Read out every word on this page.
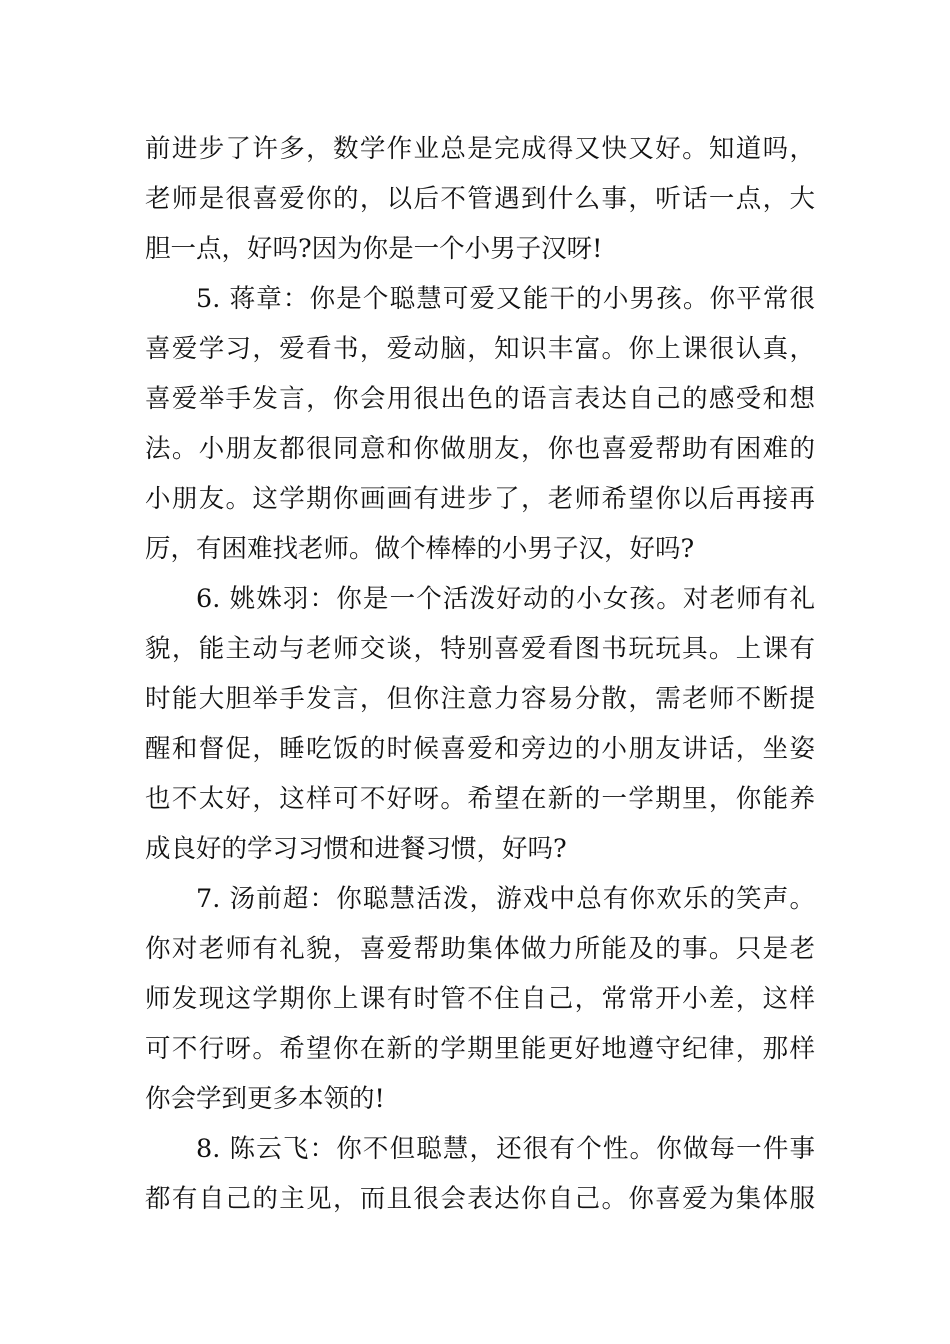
前进步了许多，数学作业总是完成得又快又好。知道吗，
老师是很喜爱你的，以后不管遇到什么事，听话一点，大
胆一点，好吗?因为你是一个小男子汉呀!
5. 蒋章：你是个聪慧可爱又能干的小男孩。你平常很
喜爱学习，爱看书，爱动脑，知识丰富。你上课很认真，
喜爱举手发言，你会用很出色的语言表达自己的感受和想
法。小朋友都很同意和你做朋友，你也喜爱帮助有困难的
小朋友。这学期你画画有进步了，老师希望你以后再接再
厉，有困难找老师。做个棒棒的小男子汉，好吗?
6. 姚姝羽：你是一个活泼好动的小女孩。对老师有礼
貌，能主动与老师交谈，特别喜爱看图书玩玩具。上课有
时能大胆举手发言，但你注意力容易分散，需老师不断提
醒和督促，睡吃饭的时候喜爱和旁边的小朋友讲话，坐姿
也不太好，这样可不好呀。希望在新的一学期里，你能养
成良好的学习习惯和进餐习惯，好吗?
7. 汤前超：你聪慧活泼，游戏中总有你欢乐的笑声。
你对老师有礼貌，喜爱帮助集体做力所能及的事。只是老
师发现这学期你上课有时管不住自己，常常开小差，这样
可不行呀。希望你在新的学期里能更好地遵守纪律，那样
你会学到更多本领的!
8. 陈云飞：你不但聪慧，还很有个性。你做每一件事
都有自己的主见，而且很会表达你自己。你喜爱为集体服
